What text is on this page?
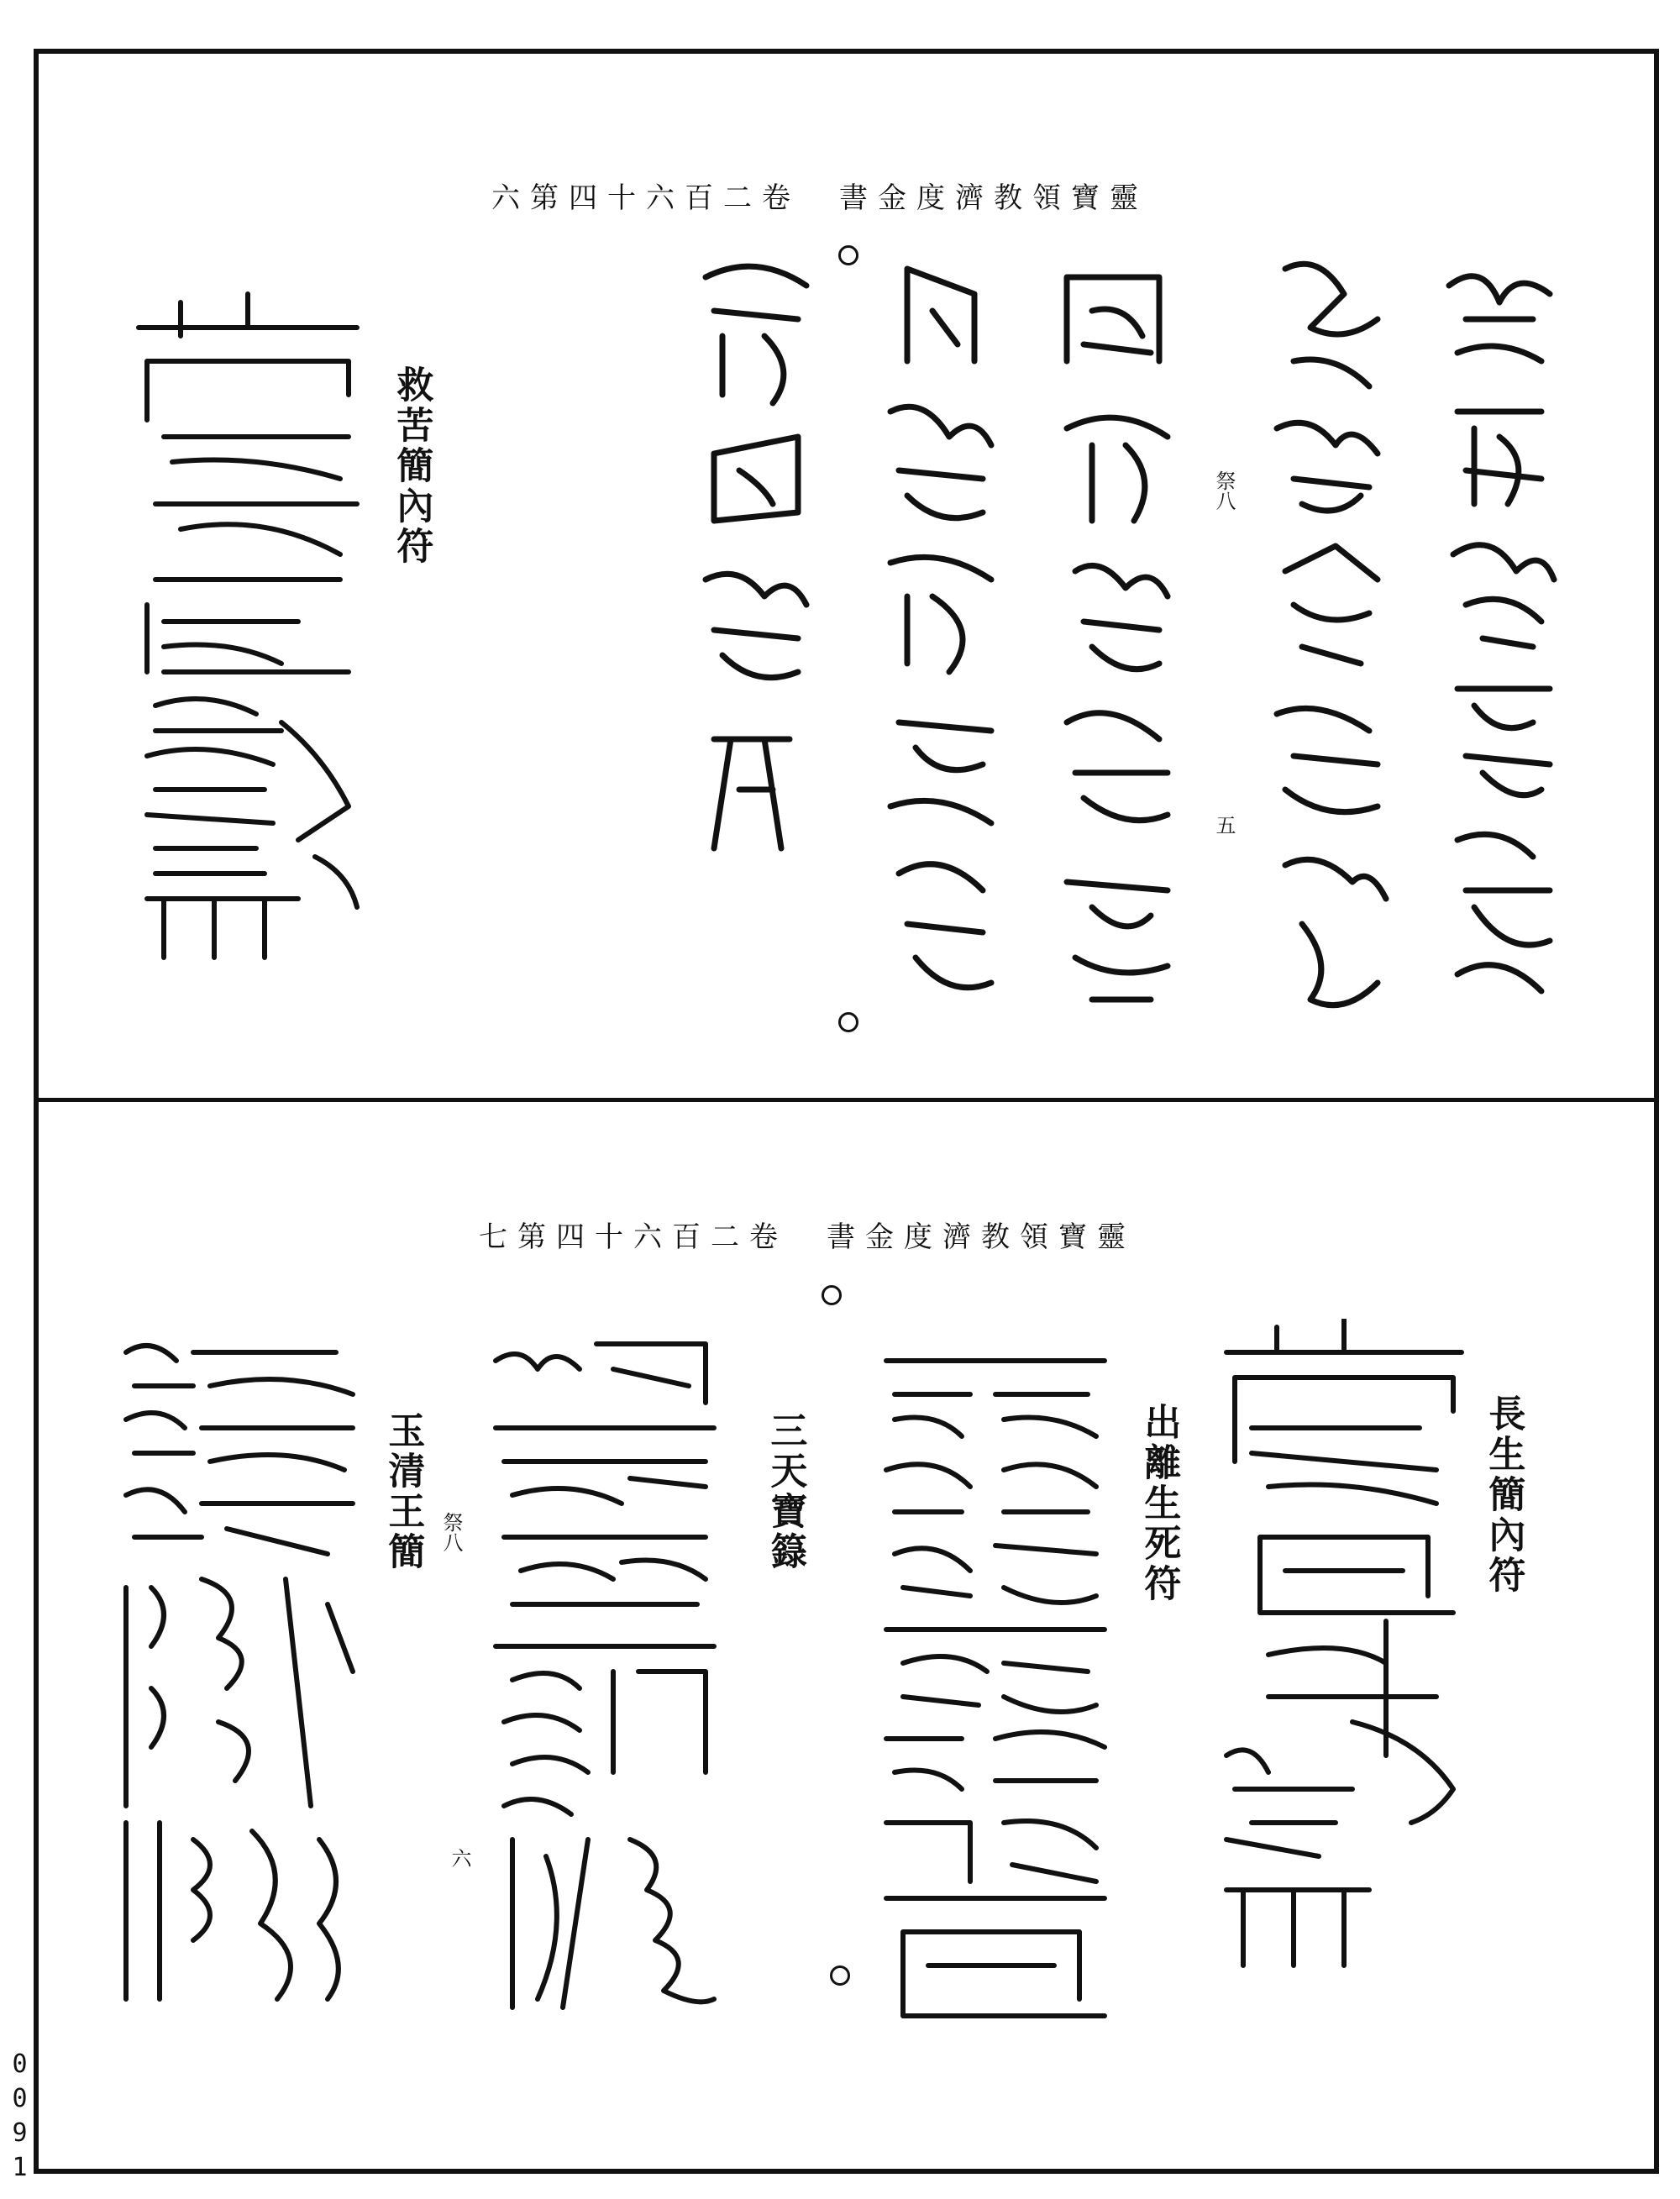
六第四十六百二卷　書金度濟教領寶靈
祭八
五
救苦簡內符
七第四十六百二卷　書金度濟教領寶靈
長生簡內符
出離生死符
三天寶籙
玉清王簡 祭八
六
0091
